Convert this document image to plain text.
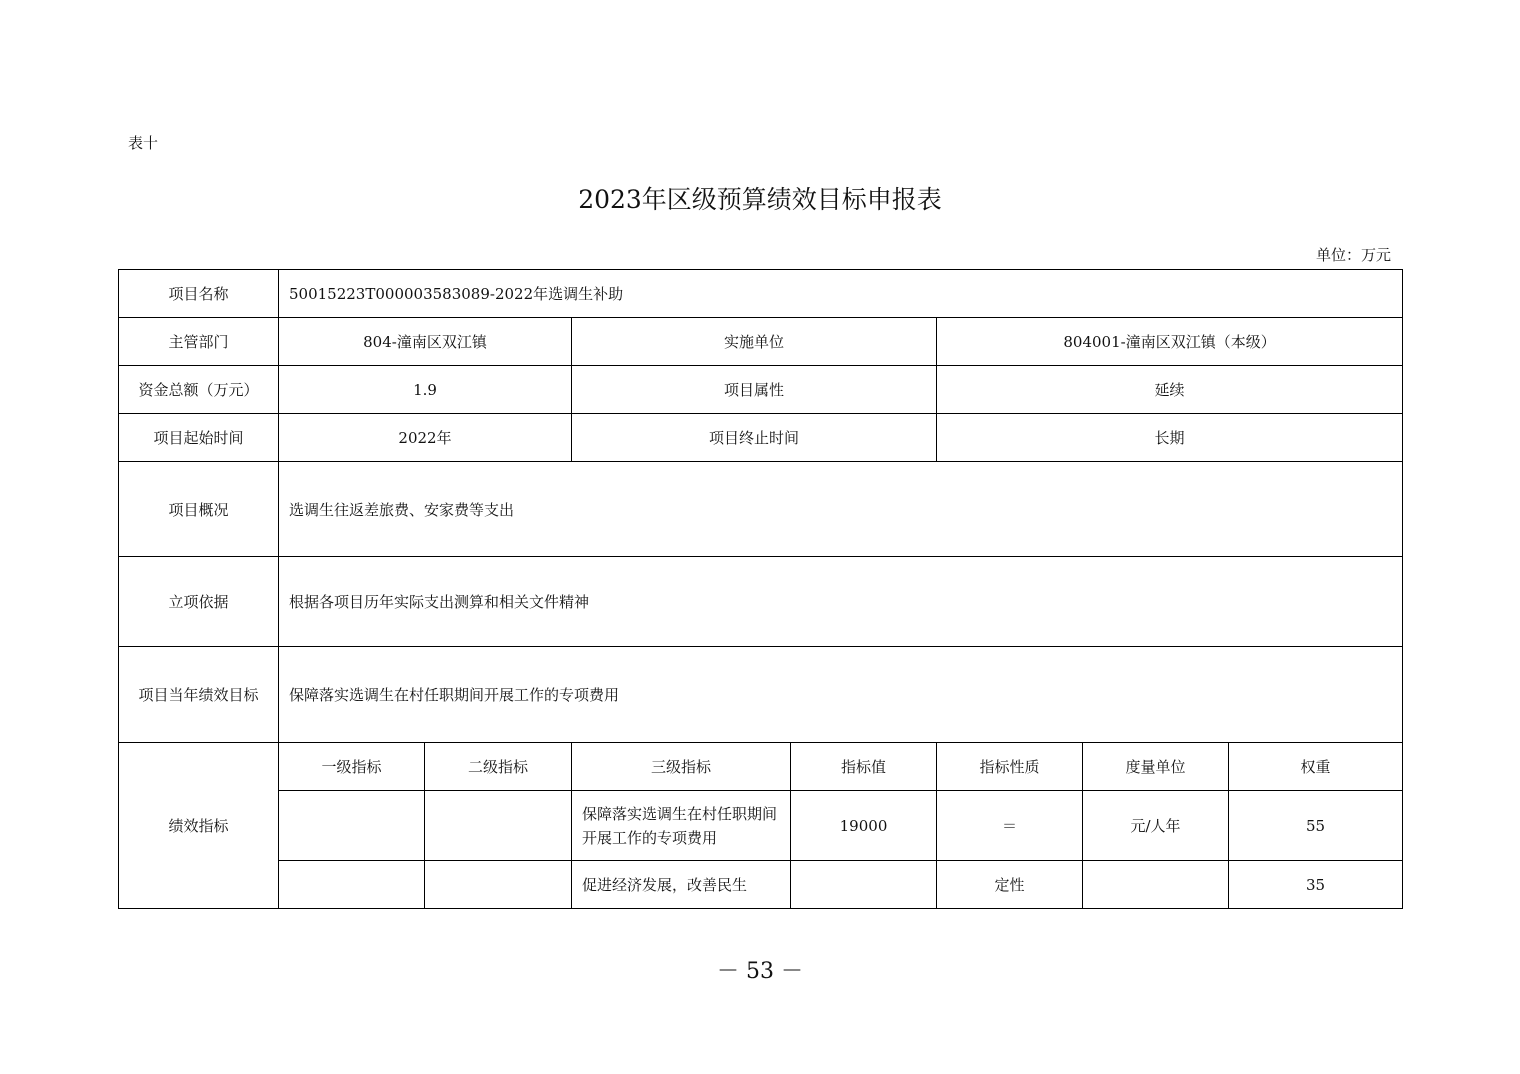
表十
2023年区级预算绩效目标申报表
单位：万元
项目名称	50015223T000003583089-2022年选调生补助						
主管部门	804-潼南区双江镇		实施单位		804001-潼南区双江镇（本级）		
资金总额（万元）	1.9		项目属性		延续		
项目起始时间	2022年		项目终止时间		长期		
项目概况	选调生往返差旅费、安家费等支出						
立项依据	根据各项目历年实际支出测算和相关文件精神						
项目当年绩效目标	保障落实选调生在村任职期间开展工作的专项费用						
绩效指标	一级指标	二级指标	三级指标	指标值	指标性质	度量单位	权重
			保障落实选调生在村任职期间开展工作的专项费用	19000	＝	元/人年	55
			促进经济发展，改善民生		定性		35
－ 53 －
